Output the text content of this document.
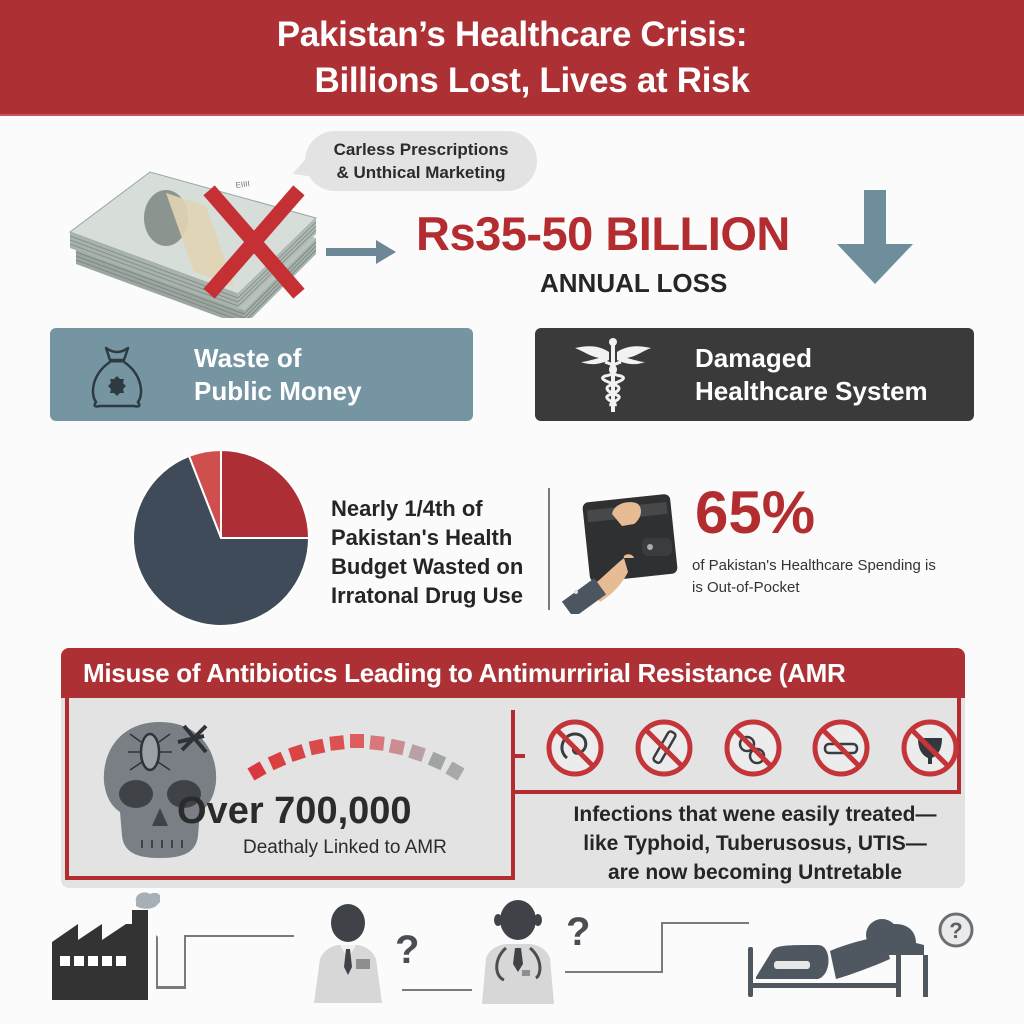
Pakistan’s Healthcare Crisis:
Billions Lost, Lives at Risk
EIIII
Carless Prescriptions
& Unthical Marketing
Rs35-50 BILLION
ANNUAL LOSS
Waste of
Public Money
Damaged
Healthcare System
Nearly 1/4th of
Pakistan's Health
Budget Wasted on
Irratonal Drug Use
65%
of Pakistan's Healthcare Spending is
is Out-of-Pocket
Misuse of Antibiotics Leading to Antimurririal Resistance (AMR
Over 700,000
Deathaly Linked to AMR
Infections that wene easily treated—
like Typhoid, Tuberusosus, UTIS—
are now becoming Untretable
?	?	?
